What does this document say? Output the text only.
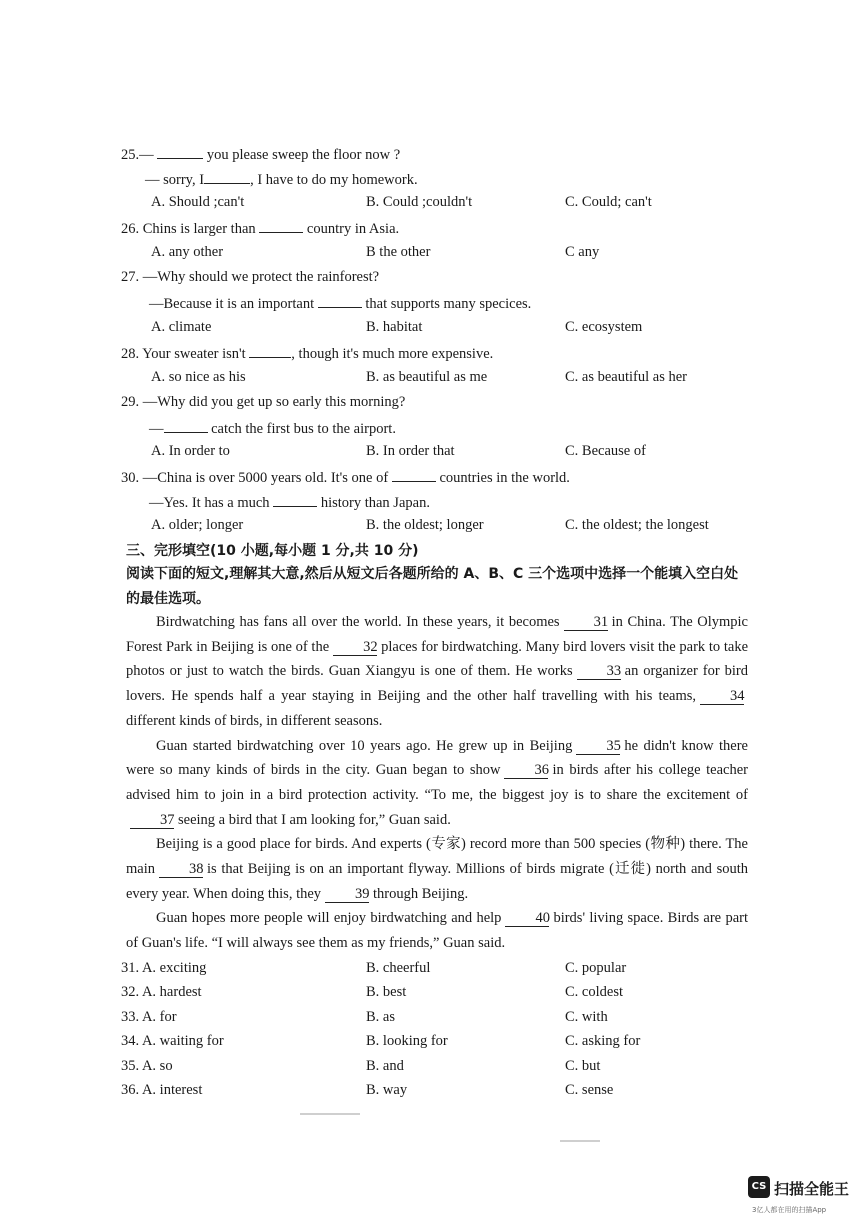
25.—	you please sweep the floor now ?
— sorry, I	, I have to do my homework.
A. Should ;can't	B. Could ;couldn't	C. Could; can't
26. Chins is larger than	country in Asia.
A. any other	B the other	C any
27. —Why should we protect the rainforest?
—Because it is an important	that supports many specices.
A. climate	B. habitat	C. ecosystem
28. Your sweater isn't	, though it's much more expensive.
A. so nice as his	B. as beautiful as me	C. as beautiful as her
29. —Why did you get up so early this morning?
—	catch the first bus to the airport.
A. In order to	B. In order that	C. Because of
30. —China is over 5000 years old. It's one of	countries in the world.
—Yes. It has a much	history than Japan.
A. older; longer	B. the oldest; longer	C. the oldest; the longest
三、完形填空(10 小题,每小题 1 分,共 10 分)
阅读下面的短文,理解其大意,然后从短文后各题所给的 A、B、C 三个选项中选择一个能填入空白处的最佳选项。

Birdwatching has fans all over the world. In these years, it becomes 31 in China. The Olympic Forest Park in Beijing is one of the 32 places for birdwatching. Many bird lovers visit the park to take photos or just to watch the birds. Guan Xiangyu is one of them. He works 33 an organizer for bird lovers. He spends half a year staying in Beijing and the other half travelling with his teams, 34different kinds of birds, in different seasons.

Guan started birdwatching over 10 years ago. He grew up in Beijing 35 he didn't know there were so many kinds of birds in the city. Guan began to show 36 in birds after his college teacher advised him to join in a bird protection activity. “To me, the biggest joy is to share the excitement of37 seeing a bird that I am looking for,” Guan said.

Beijing is a good place for birds. And experts (专家) record more than 500 species (物种) there. The main 38 is that Beijing is on an important flyway. Millions of birds migrate (迁徙) north and south every year. When doing this, they 39 through Beijing.

Guan hopes more people will enjoy birdwatching and help 40 birds' living space. Birds are part of Guan's life. “I will always see them as my friends,” Guan said.

31. A. exciting	B. cheerful	C. popular
32. A. hardest	B. best	C. coldest
33. A. for	B. as	C. with
34. A. waiting for	B. looking for	C. asking for
35. A. so	B. and	C. but
36. A. interest	B. way	C. sense
CS 扫描全能王
3亿人都在用的扫描App
